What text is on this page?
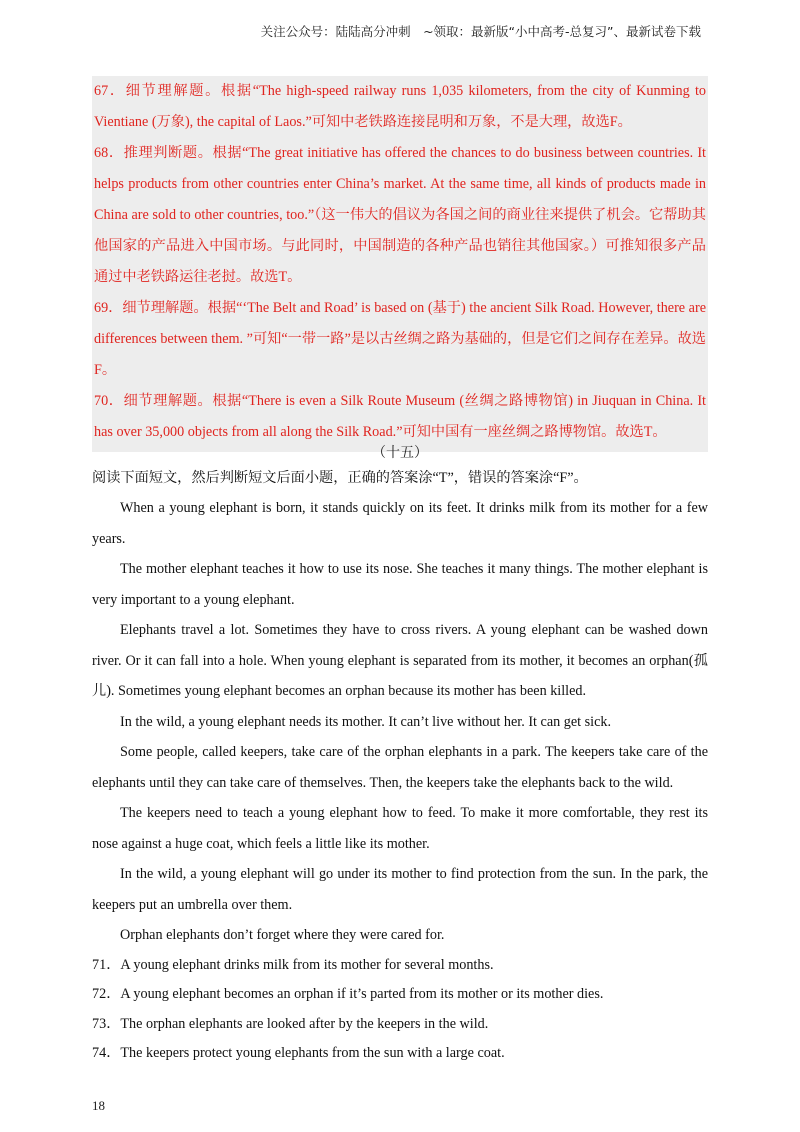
关注公众号：陆陆高分冲刺　~领取：最新版“小中高考-总复习”、最新试卷下载

67．细节理解题。根据“The high-speed railway runs 1,035 kilometers, from the city of Kunming to Vientiane (万象), the capital of Laos.”可知中老铁路连接昆明和万象，不是大理，故选F。

68．推理判断题。根据“The great initiative has offered the chances to do business between countries. It helps products from other countries enter China’s market. At the same time, all kinds of products made in China are sold to other countries, too.”（这一伟大的倡议为各国之间的商业往来提供了机会。它帮助其他国家的产品进入中国市场。与此同时，中国制造的各种产品也销往其他国家。）可推知很多产品通过中老铁路运往老挝。故选T。

69．细节理解题。根据“‘The Belt and Road’ is based on (基于) the ancient Silk Road. However, there are differences between them. ”可知“一带一路”是以古丝绸之路为基础的，但是它们之间存在差异。故选F。

70．细节理解题。根据“There is even a Silk Route Museum (丝绸之路博物馆) in Jiuquan in China. It has over 35,000 objects from all along the Silk Road.”可知中国有一座丝绸之路博物馆。故选T。

（十五）

阅读下面短文，然后判断短文后面小题，正确的答案涂“T”，错误的答案涂“F”。

When a young elephant is born, it stands quickly on its feet. It drinks milk from its mother for a few years.

The mother elephant teaches it how to use its nose. She teaches it many things. The mother elephant is very important to a young elephant.

Elephants travel a lot. Sometimes they have to cross rivers. A young elephant can be washed down river. Or it can fall into a hole. When young elephant is separated from its mother, it becomes an orphan(孤儿). Sometimes young elephant becomes an orphan because its mother has been killed.

In the wild, a young elephant needs its mother. It can’t live without her. It can get sick.

Some people, called keepers, take care of the orphan elephants in a park. The keepers take care of the elephants until they can take care of themselves. Then, the keepers take the elephants back to the wild.

The keepers need to teach a young elephant how to feed. To make it more comfortable, they rest its nose against a huge coat, which feels a little like its mother.

In the wild, a young elephant will go under its mother to find protection from the sun. In the park, the keepers put an umbrella over them.

Orphan elephants don’t forget where they were cared for.

71．A young elephant drinks milk from its mother for several months.

72．A young elephant becomes an orphan if it’s parted from its mother or its mother dies.

73．The orphan elephants are looked after by the keepers in the wild.

74．The keepers protect young elephants from the sun with a large coat.

18
